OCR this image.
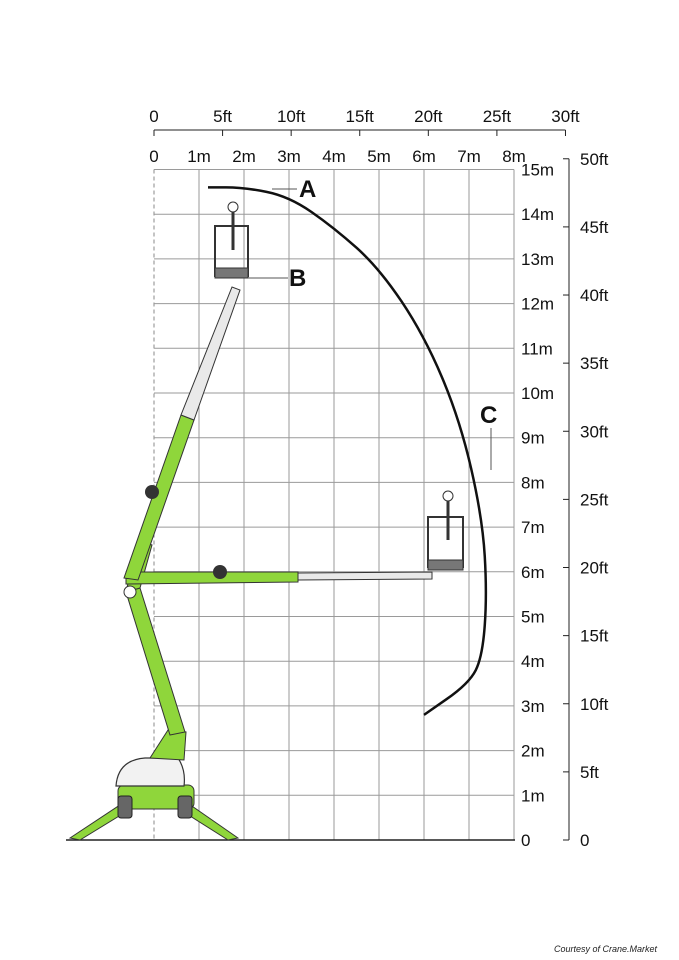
0	5ft	10ft 15ft 20ft 25ft 30ft
0 1m 2m 3m 4m 5m 6m 7m 8m
0
1m
2m
3m
4m
5m
6m
7m
8m
9m
10m
11m
12m
13m
14m
15m
0
5ft
10ft
15ft
20ft
25ft
30ft
35ft
40ft
45ft
50ft
A
B
C
Courtesy of Crane.Market
